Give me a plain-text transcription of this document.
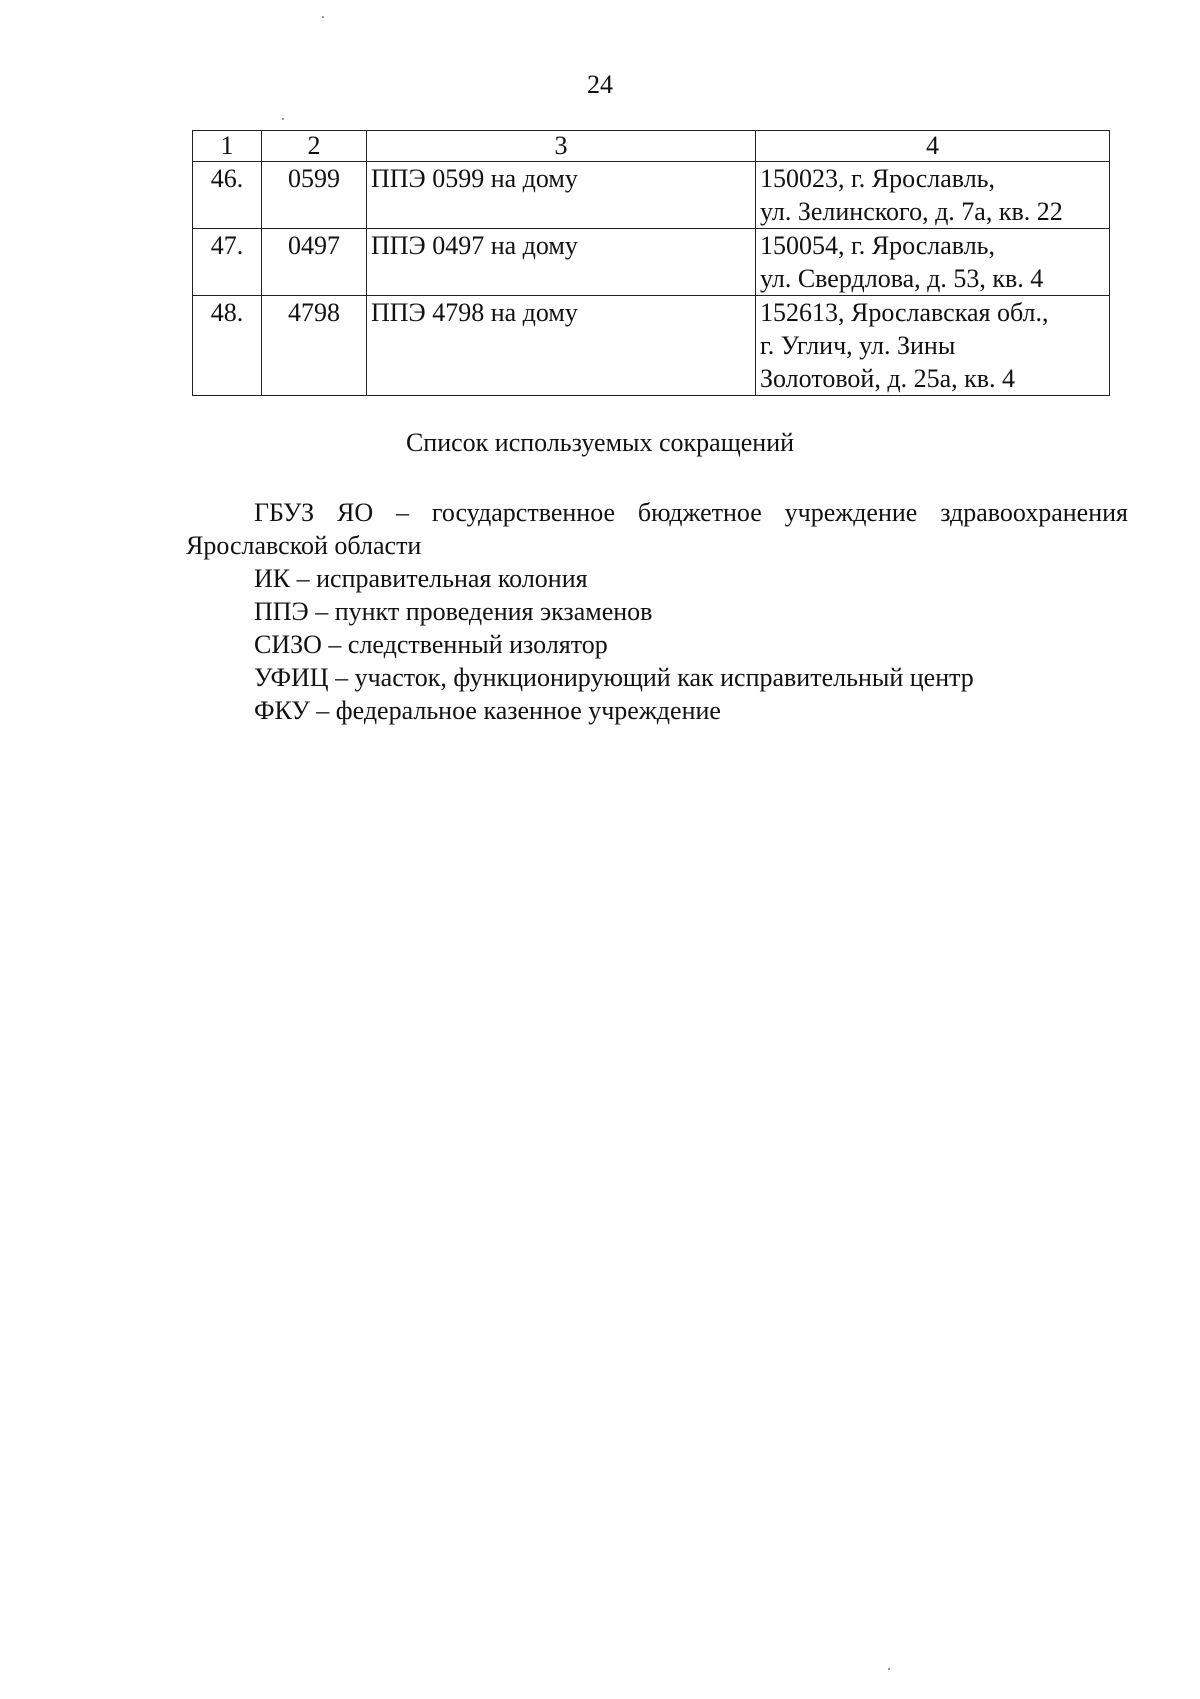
24
1	2	3	4
46.	0599	ППЭ 0599 на дому	150023, г. Ярославль,
ул. Зелинского, д. 7а, кв. 22

47.	0497	ППЭ 0497 на дому	150054, г. Ярославль,
ул. Свердлова, д. 53, кв. 4

48.	4798	ППЭ 4798 на дому	152613, Ярославская обл.,
г. Углич, ул. Зины
Золотовой, д. 25а, кв. 4
Список используемых сокращений

ГБУЗ ЯО – государственное бюджетное учреждение здравоохранения Ярославской области

ИК – исправительная колония

ППЭ – пункт проведения экзаменов

СИЗО – следственный изолятор

УФИЦ – участок, функционирующий как исправительный центр

ФКУ – федеральное казенное учреждение
